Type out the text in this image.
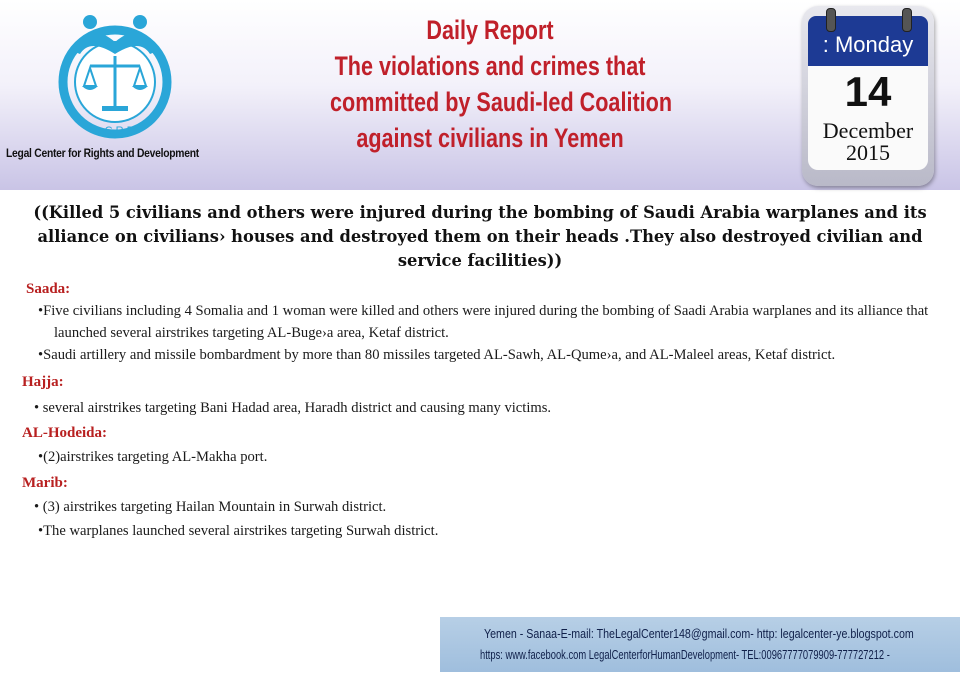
L.C.R.D
Legal Center for Rights and Development
Daily Report
The violations and crimes that
committed by Saudi-led Coalition
against civilians in Yemen
: Monday
14
December
2015
((Killed 5 civilians and others were injured during the bombing of Saudi Arabia warplanes and its alliance on civilians› houses and destroyed them on their heads .They also destroyed civilian and service facilities))
Saada:
•Five civilians including 4 Somalia and 1 woman were killed and others were injured during the bombing of Saadi Arabia warplanes and its alliance that launched several airstrikes targeting AL-Buge›a area, Ketaf district.
•Saudi artillery and missile bombardment by more than 80 missiles targeted AL-Sawh, AL-Qume›a, and AL-Maleel areas, Ketaf district.
Hajja:
• several airstrikes targeting Bani Hadad area, Haradh district and causing many victims.
AL-Hodeida:
•(2)airstrikes targeting AL-Makha port.
Marib:
• (3) airstrikes targeting Hailan Mountain in Surwah district.
•The warplanes launched several airstrikes targeting Surwah district.
Yemen - Sanaa-E-mail: TheLegalCenter148@gmail.com- http: legalcenter-ye.blogspot.com
https: www.facebook.com LegalCenterforHumanDevelopment- TEL:00967777079909-777727212 -
